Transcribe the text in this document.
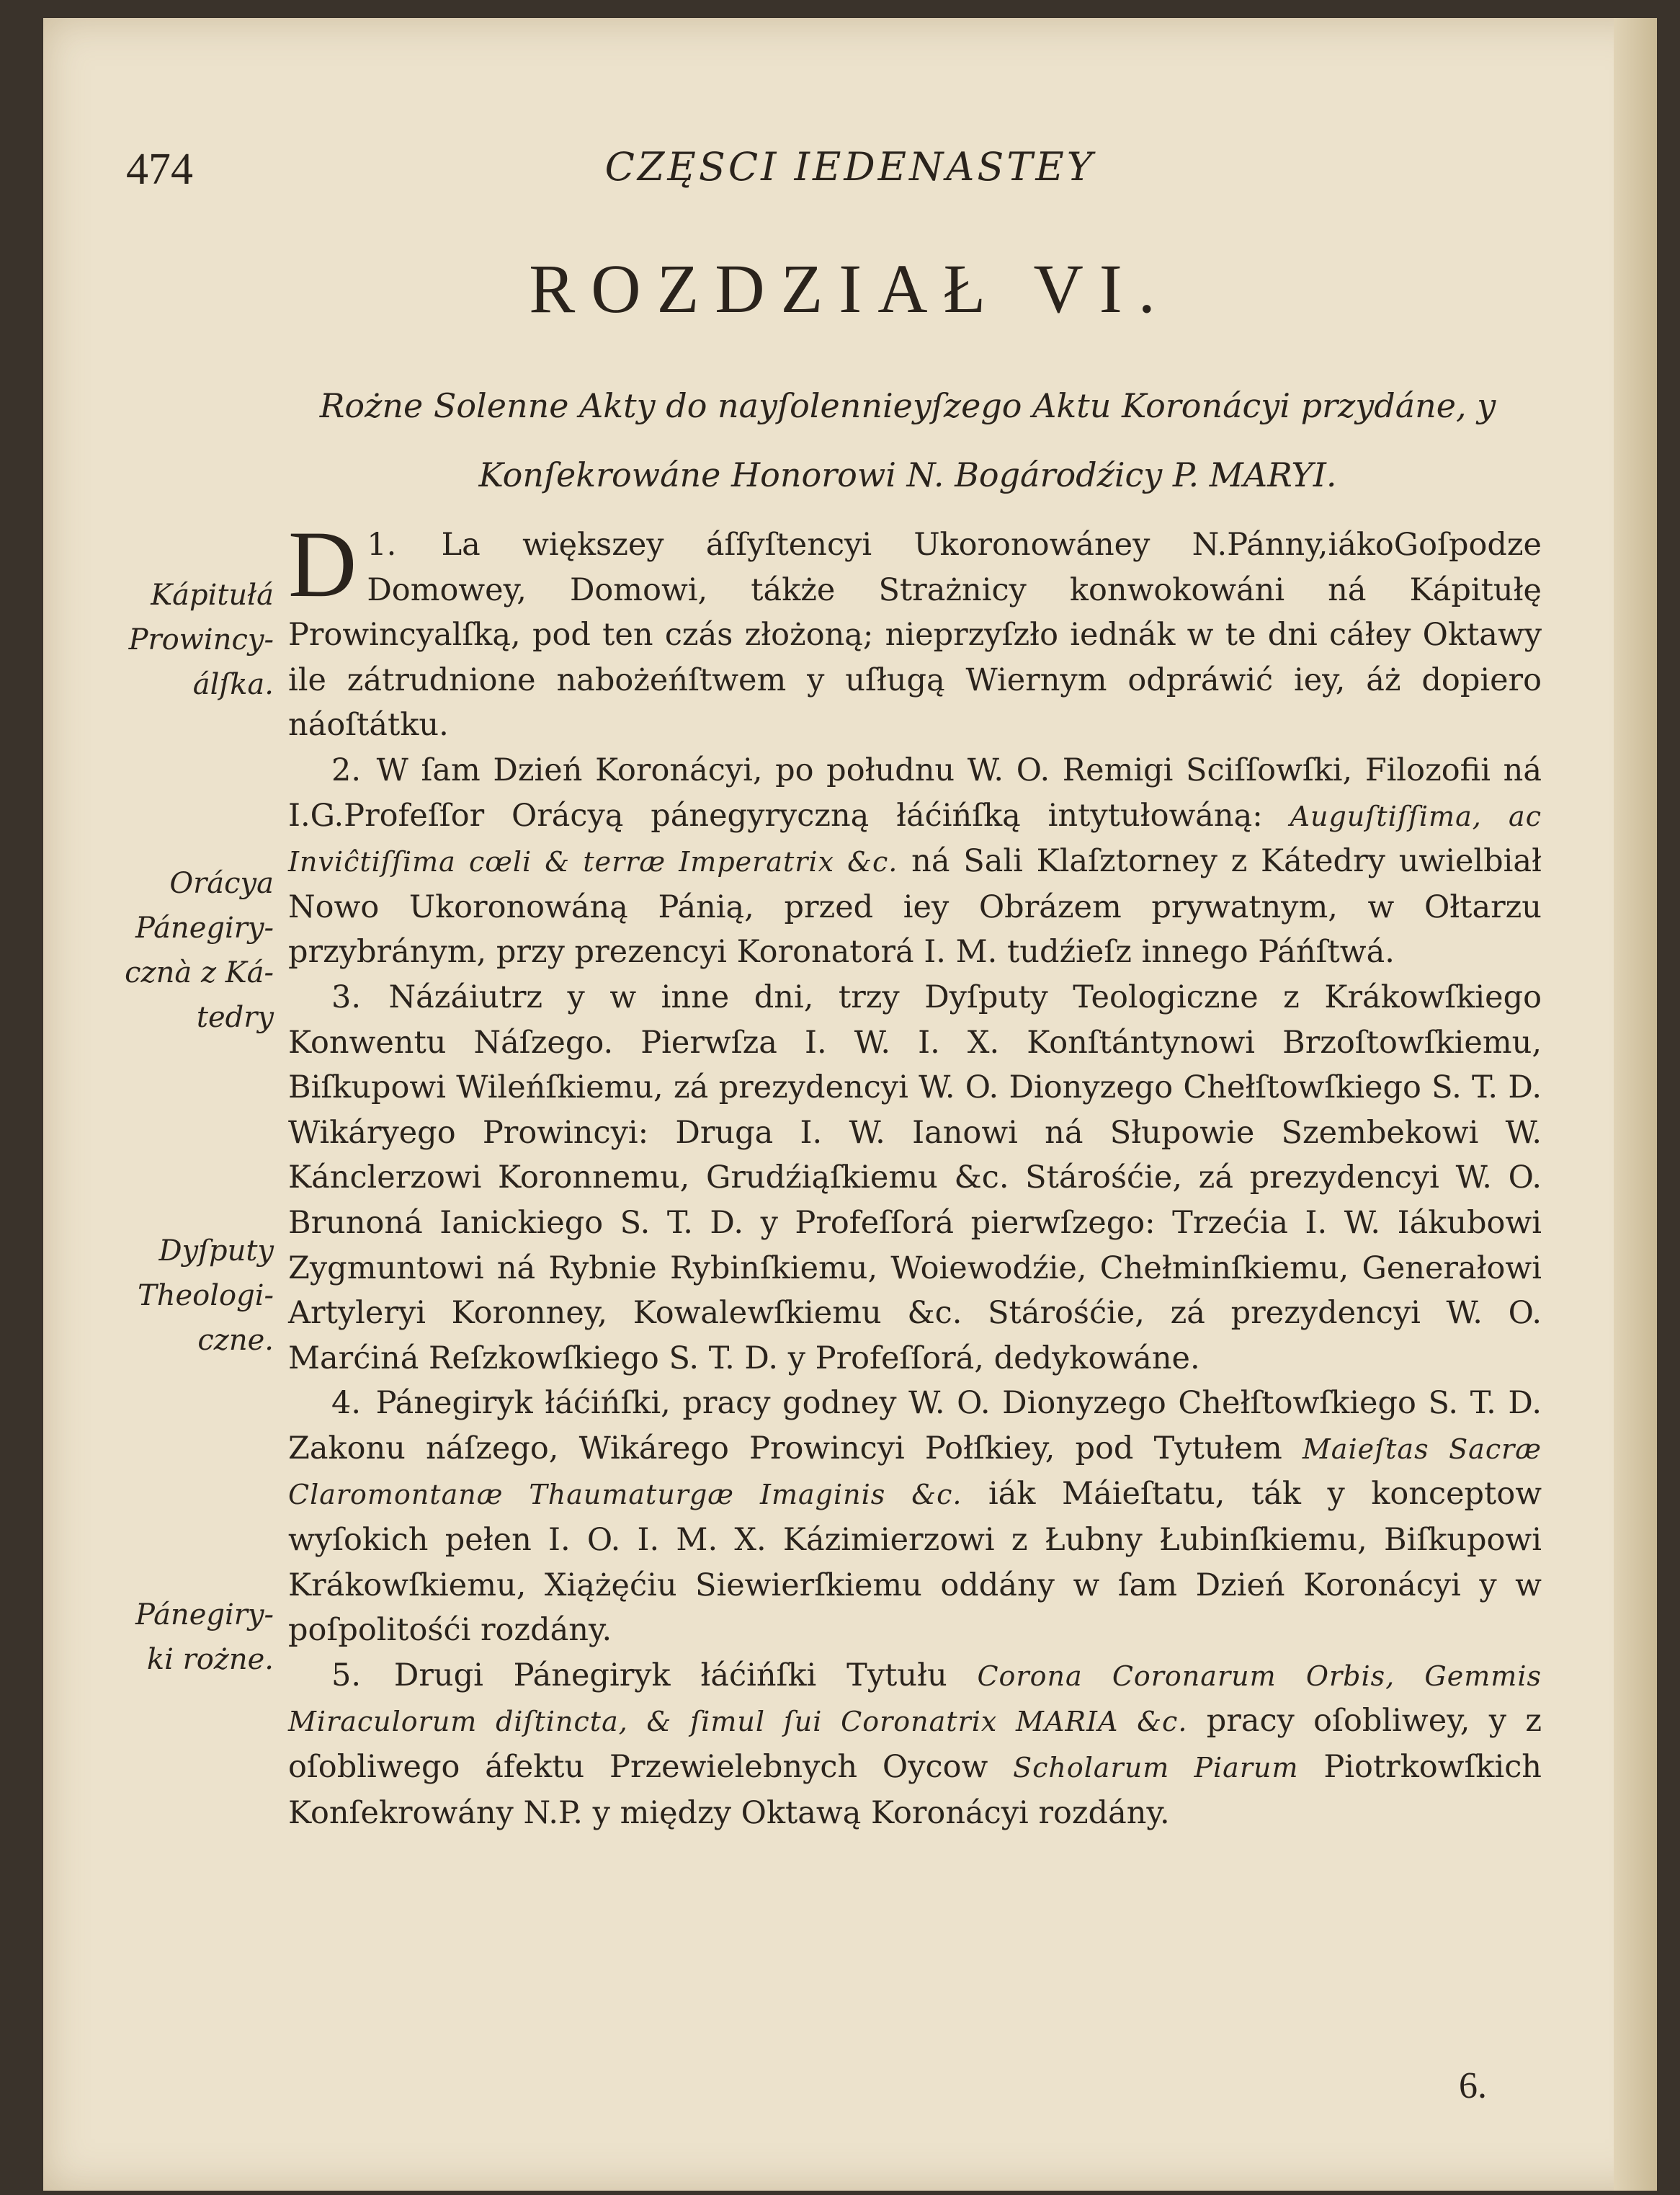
474	CZĘSCI IEDENASTEY
ROZDZIAŁ VI.
Rożne Solenne Akty do nayſolennieyſzego Aktu Koronácyi przydáne, y
Konſekrowáne Honorowi N. Bogárodźicy P. MARYI.
Kápitułá
Prowincy-
álſka.
Orácya
Pánegiry-
cznà z Ká-
tedry
Dyſputy
Theologi-
czne.
Pánegiry-
ki rożne.

1.
D	La większey áſſyſtencyi Ukoronowáney N.Pánny,iákoGoſpodze Domowey, Domowi, tákże Strażnicy konwokowáni ná Kápitułę Prowincyalſką, pod ten czás złożoną; nieprzyſzło iednák w te dni cáłey Oktawy ile zátrudnione nabożeńſtwem y uſługą Wiernym odpráwić iey, áż dopiero náoſtátku.

2. W ſam Dzień Koronácyi, po połudnu W. O. Remigi Sciſſowſki, Filozofii ná I.G.Profeſſor Orácyą pánegyryczną łáćińſką intytułowáną: Auguſtiſſima, ac Inviĉtiſſima cœli & terræ Imperatrix &c. ná Sali Klaſztorney z Kátedry uwielbiał Nowo Ukoronowáną Pánią, przed iey Obrázem prywatnym, w Ołtarzu przybránym, przy prezencyi Koronatorá I. M. tudźieſz innego Páńſtwá.

3. Názáiutrz y w inne dni, trzy Dyſputy Teologiczne z Krákowſkiego Konwentu Náſzego. Pierwſza I. W. I. X. Konſtántynowi Brzoſtowſkiemu, Biſkupowi Wileńſkiemu, zá prezydencyi W. O. Dionyzego Chełſtowſkiego S. T. D. Wikáryego Prowincyi: Druga I. W. Ianowi ná Słupowie Szembekowi W. Kánclerzowi Koronnemu, Grudźiąſkiemu &c. Stárośćie, zá prezydencyi W. O. Brunoná Ianickiego S. T. D. y Profeſſorá pierwſzego: Trzećia I. W. Iákubowi Zygmuntowi ná Rybnie Rybinſkiemu, Woiewodźie, Chełminſkiemu, Generałowi Artyleryi Koronney, Kowalewſkiemu &c. Stárośćie, zá prezydencyi W. O. Marćiná Reſzkowſkiego S. T. D. y Profeſſorá, dedykowáne.

4. Pánegiryk łáćińſki, pracy godney W. O. Dionyzego Chełſtowſkiego S. T. D. Zakonu náſzego, Wikárego Prowincyi Połſkiey, pod Tytułem Maieſtas Sacræ Claromontanæ Thaumaturgæ Imaginis &c. iák Máieſtatu, ták y konceptow wyſokich pełen I. O. I. M. X. Kázimierzowi z Łubny Łubinſkiemu, Biſkupowi Krákowſkiemu, Xiążęćiu Siewierſkiemu oddány w ſam Dzień Koronácyi y w poſpolitośći rozdány.

5. Drugi Pánegiryk łáćińſki Tytułu Corona Coronarum Orbis, Gemmis Miraculorum diſtincta, & ſimul ſui Coronatrix MARIA &c. pracy oſobliwey, y z oſobliwego áfektu Przewielebnych Oycow Scholarum Piarum Piotrkowſkich Konſekrowány N.P. y między Oktawą Koronácyi rozdány.

6.
